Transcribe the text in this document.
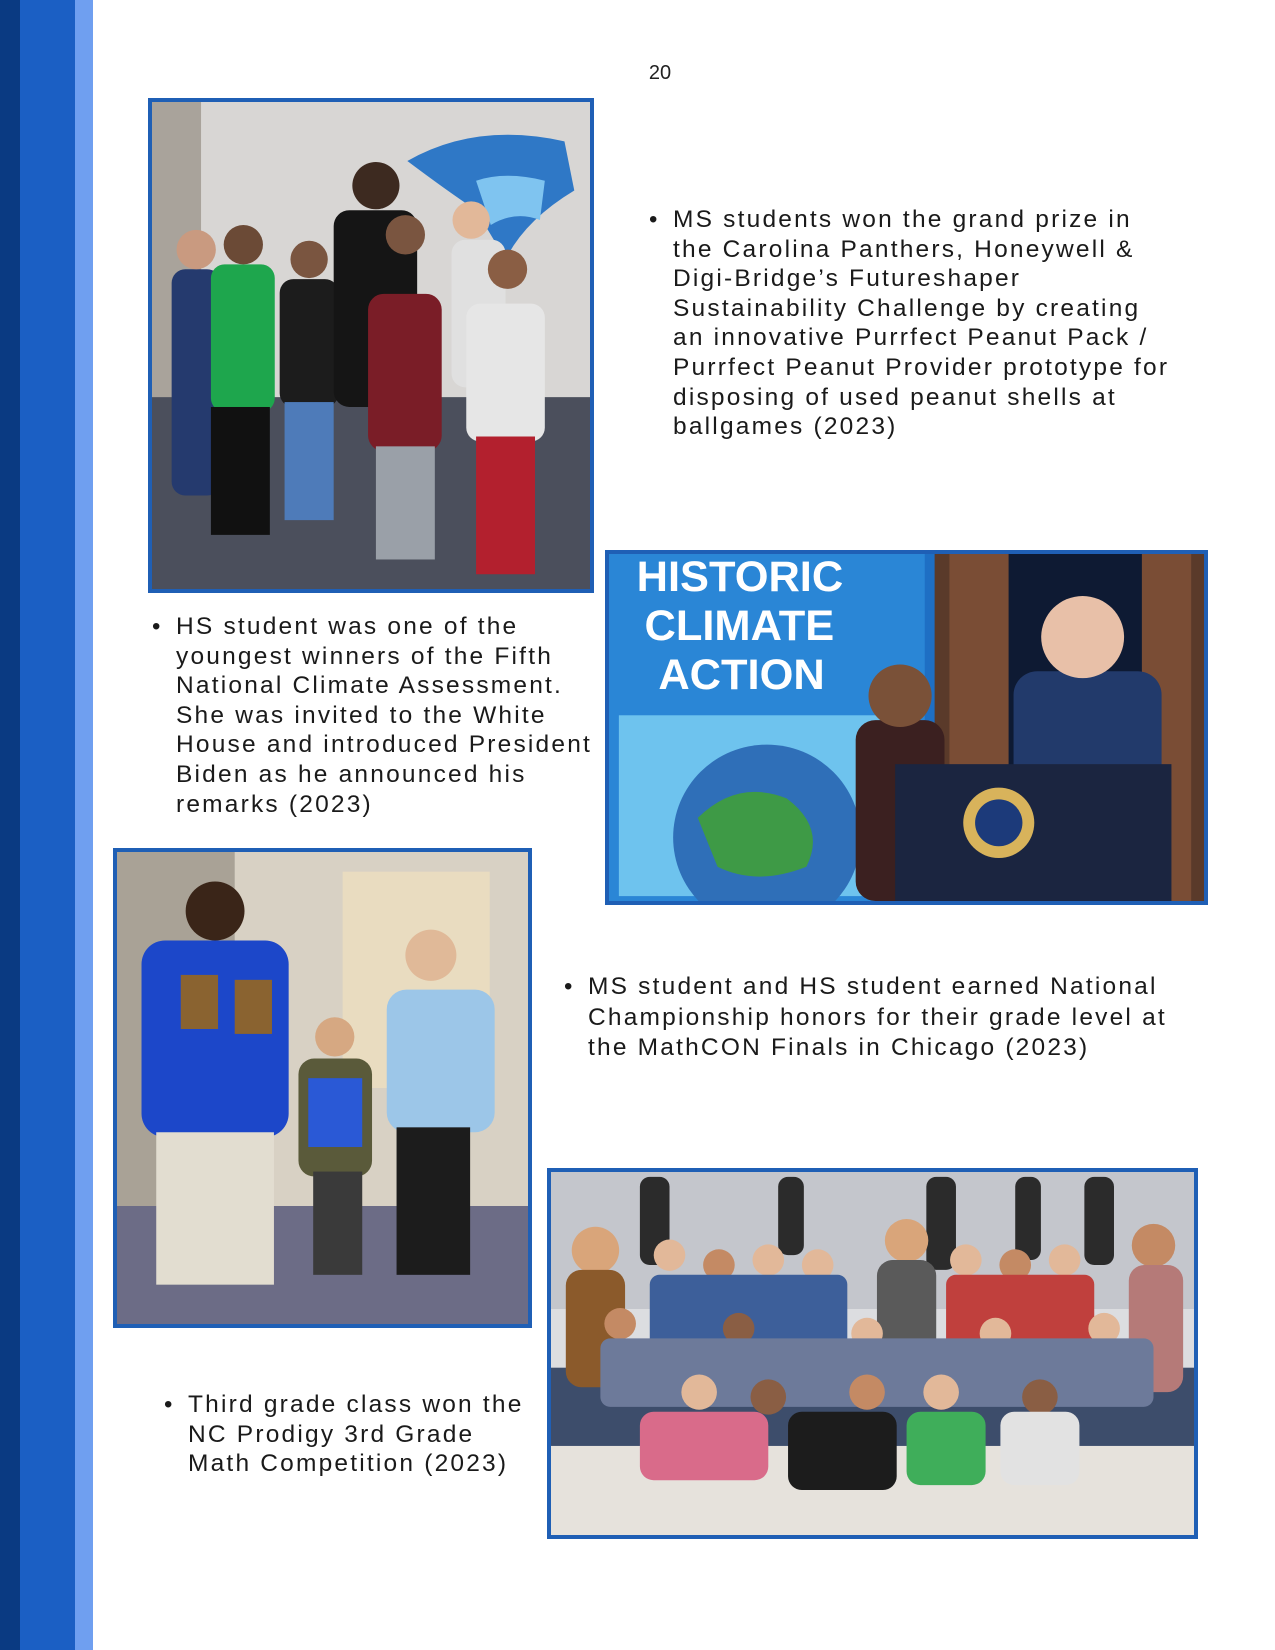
20
• MS students won the grand prize in the Carolina Panthers, Honeywell & Digi-Bridge’s Futureshaper Sustainability Challenge by creating an innovative Purrfect Peanut Pack / Purrfect Peanut Provider prototype for disposing of used peanut shells at ballgames (2023)
HISTORIC
CLIMATE
ACTION
• HS student was one of the youngest winners of the Fifth National Climate Assessment. She was invited to the White House and introduced President Biden as he announced his remarks (2023)
• MS student and HS student earned National Championship honors for their grade level at the MathCON Finals in Chicago (2023)
• Third grade class won the NC Prodigy 3rd Grade Math Competition (2023)
